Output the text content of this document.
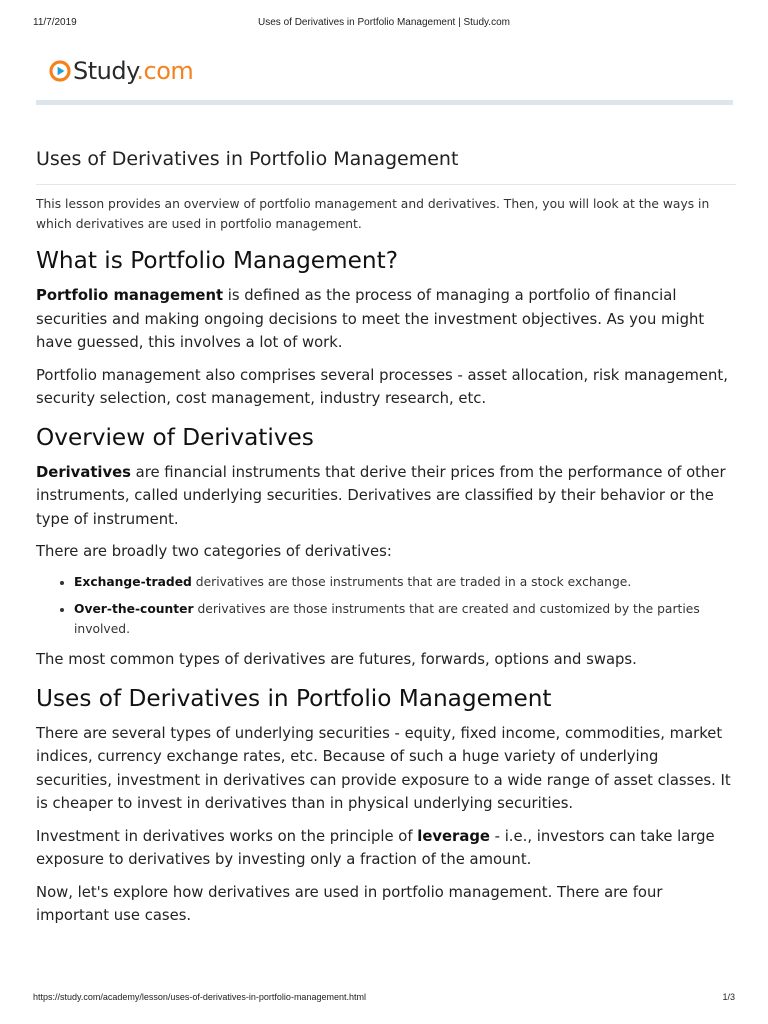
11/7/2019	Uses of Derivatives in Portfolio Management | Study.com
Study.com
Uses of Derivatives in Portfolio Management

This lesson provides an overview of portfolio management and derivatives. Then, you will look at the ways in which derivatives are used in portfolio management.

What is Portfolio Management?

Portfolio management is defined as the process of managing a portfolio of financial securities and making ongoing decisions to meet the investment objectives. As you might have guessed, this involves a lot of work.

Portfolio management also comprises several processes - asset allocation, risk management, security selection, cost management, industry research, etc.

Overview of Derivatives

Derivatives are financial instruments that derive their prices from the performance of other instruments, called underlying securities. Derivatives are classified by their behavior or the type of instrument.

There are broadly two categories of derivatives:

• Exchange-traded derivatives are those instruments that are traded in a stock exchange.
• Over-the-counter derivatives are those instruments that are created and customized by the parties involved.

The most common types of derivatives are futures, forwards, options and swaps.

Uses of Derivatives in Portfolio Management

There are several types of underlying securities - equity, fixed income, commodities, market indices, currency exchange rates, etc. Because of such a huge variety of underlying securities, investment in derivatives can provide exposure to a wide range of asset classes. It is cheaper to invest in derivatives than in physical underlying securities.

Investment in derivatives works on the principle of leverage - i.e., investors can take large exposure to derivatives by investing only a fraction of the amount.

Now, let's explore how derivatives are used in portfolio management. There are four important use cases.

https://study.com/academy/lesson/uses-of-derivatives-in-portfolio-management.html	1/3
